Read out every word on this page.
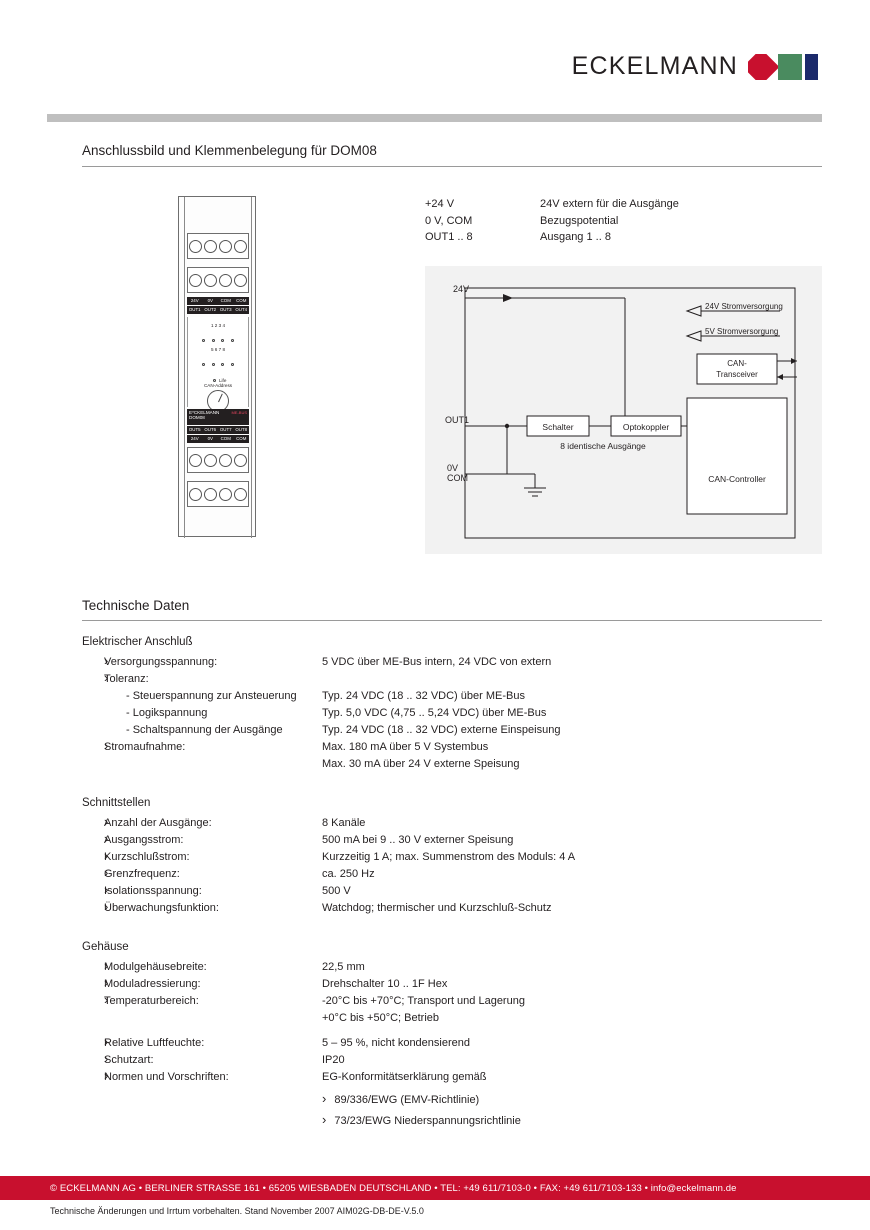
ECKELMANN
Anschlussbild und Klemmenbelegung für DOM08
+24 V	24V extern für die Ausgänge
0 V, COM	Bezugspotential
OUT1 .. 8	Ausgang 1 .. 8
24V	0V	COM	COM
OUT1 OUT2 OUT3 OUT4
1 2 3 4
5 6 7 8
Life
CAN-Address
ME-BUS
E*CKELMANN
DOM08
OUT5 OUT6 OUT7 OUT8
24V	0V	COM	COM
24V
OUT1
0V
COM
24V Stromversorgung
5V Stromversorgung
CAN-
Transceiver
CAN-Controller
Schalter	Optokoppler
8 identische Ausgänge
Technische Daten
Elektrischer Anschluß
›
Versorgungsspannung:	5 VDC über ME-Bus intern, 24 VDC von extern
›
Toleranz:
- Steuerspannung zur Ansteuerung	Typ. 24 VDC (18 .. 32 VDC) über ME-Bus
- Logikspannung	Typ. 5,0 VDC (4,75 .. 5,24 VDC) über ME-Bus
- Schaltspannung der Ausgänge	Typ. 24 VDC (18 .. 32 VDC) externe Einspeisung
›
Stromaufnahme:	Max. 180 mA über 5 V Systembus
Max. 30 mA über 24 V externe Speisung
Schnittstellen
›
Anzahl der Ausgänge:	8 Kanäle
›
Ausgangsstrom:	500 mA bei 9 .. 30 V externer Speisung
›
Kurzschlußstrom:	Kurzzeitig 1 A; max. Summenstrom des Moduls: 4 A
›
Grenzfrequenz:	ca. 250 Hz
›
Isolationsspannung:	500 V
›
Überwachungsfunktion:	Watchdog; thermischer und Kurzschluß-Schutz
Gehäuse
›
Modulgehäusebreite:	22,5 mm
›
Moduladressierung:	Drehschalter 10 .. 1F Hex
›
Temperaturbereich:	-20°C bis +70°C; Transport und Lagerung
+0°C bis +50°C; Betrieb
›
Relative Luftfeuchte:	5 – 95 %, nicht kondensierend
›
Schutzart:	IP20
›
Normen und Vorschriften:	EG-Konformitätserklärung gemäß
› 89/336/EWG (EMV-Richtlinie)
› 73/23/EWG Niederspannungsrichtlinie
© ECKELMANN AG • BERLINER STRASSE 161 • 65205 WIESBADEN DEUTSCHLAND • TEL: +49 611/7103-0 • FAX: +49 611/7103-133 • info@eckelmann.de
Technische Änderungen und Irrtum vorbehalten. Stand November 2007 AIM02G-DB-DE-V.5.0
